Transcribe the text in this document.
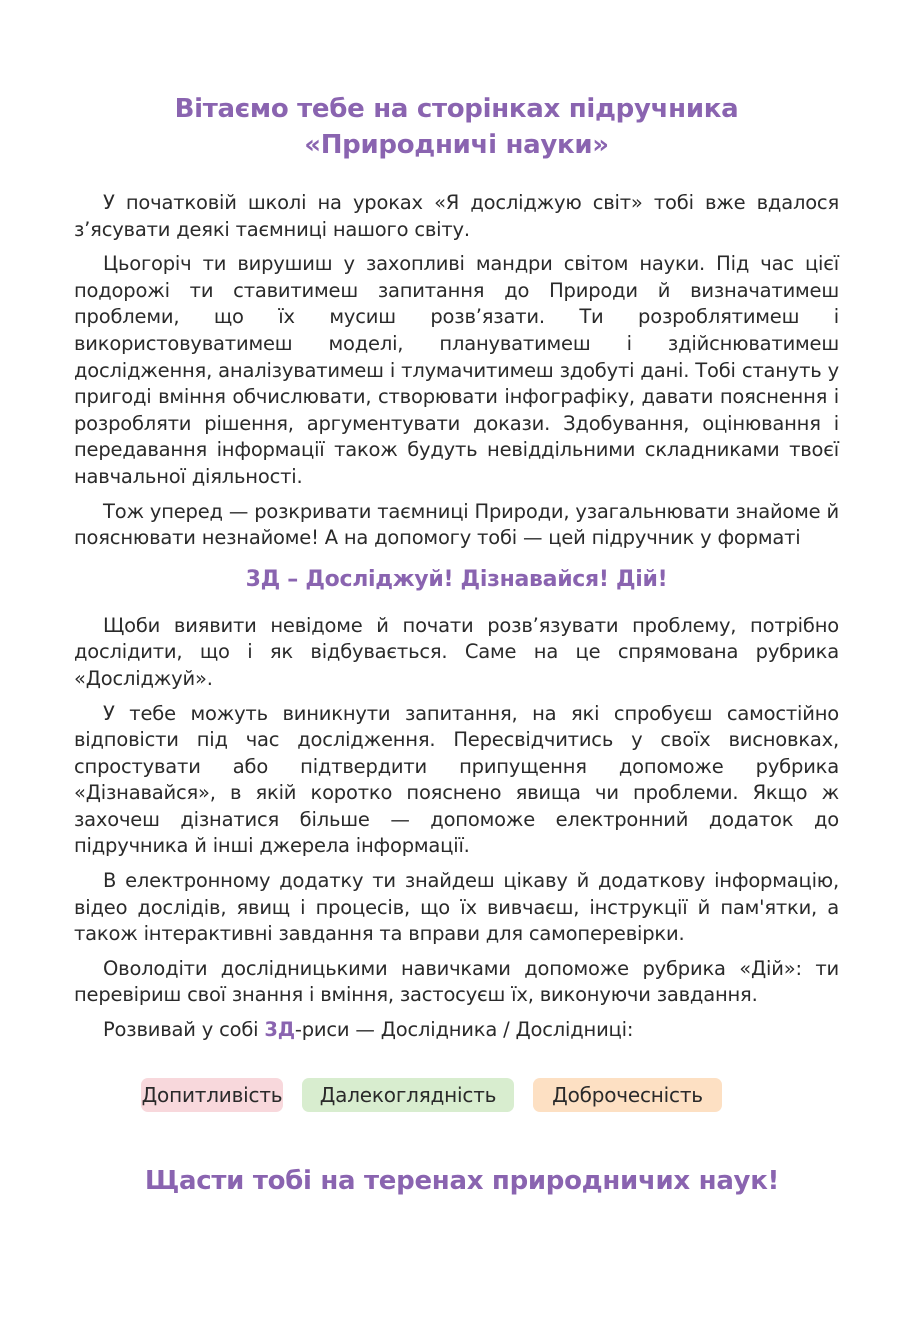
Вітаємо тебе на сторінках підручника
«Природничі науки»

У початковій школі на уроках «Я досліджую світ» тобі вже вдалося з’ясувати деякі таємниці нашого світу.

Цьогоріч ти вирушиш у захопливі мандри світом науки. Під час цієї подорожі ти ставитимеш запитання до Природи й визначатимеш проблеми, що їх мусиш розв’язати. Ти розроблятимеш і використовуватимеш моделі, плануватимеш і здійснюватимеш дослідження, аналізуватимеш і тлумачитимеш здобуті дані. Тобі стануть у пригоді вміння обчислювати, створювати інфографіку, давати пояснення і розробляти рішення, аргументувати докази. Здобування, оцінювання і передавання інформації також будуть невіддільними складниками твоєї навчальної діяльності.

Тож уперед — розкривати таємниці Природи, узагальнювати знайоме й пояснювати незнайоме! А на допомогу тобі — цей підручник у форматі

3Д – Досліджуй! Дізнавайся! Дій!

Щоби виявити невідоме й почати розв’язувати проблему, потрібно дослідити, що і як відбувається. Саме на це спрямована рубрика «Досліджуй».

У тебе можуть виникнути запитання, на які спробуєш самостійно відповісти під час дослідження. Пересвідчитись у своїх висновках, спростувати або підтвердити припущення допоможе рубрика «Дізнавайся», в якій коротко пояснено явища чи проблеми. Якщо ж захочеш дізнатися більше — допоможе електронний додаток до підручника й інші джерела інформації.

В електронному додатку ти знайдеш цікаву й додаткову інформацію, відео дослідів, явищ і процесів, що їх вивчаєш, інструкції й пам'ятки, а також інтерактивні завдання та вправи для самоперевірки.

Оволодіти дослідницькими навичками допоможе рубрика «Дій»: ти перевіриш свої знання і вміння, застосуєш їх, виконуючи завдання.

Розвивай у собі 3Д-риси — Дослідника / Дослідниці:

Допитливість	Далекоглядність	Доброчесність
Щасти тобі на теренах природничих наук!
